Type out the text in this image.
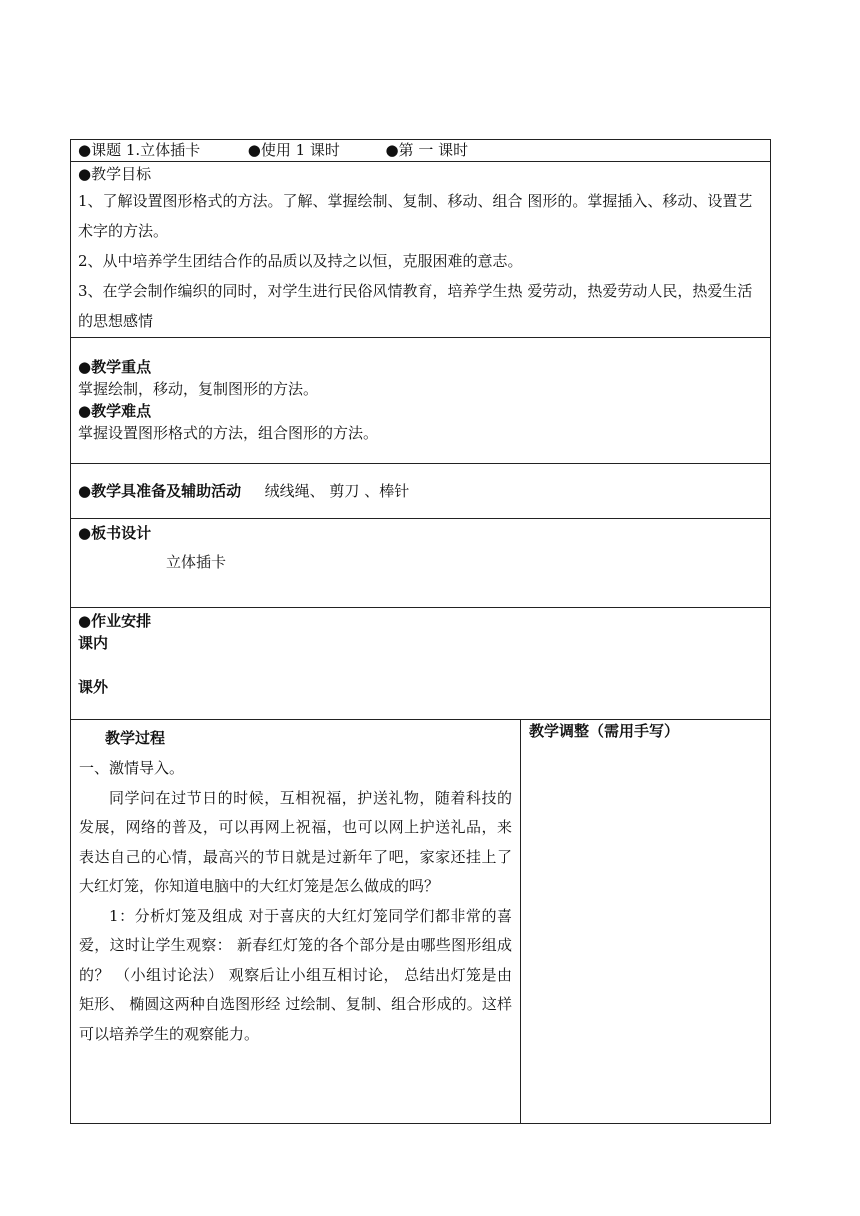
●课题 1.立体插卡	●使用 1 课时	●第 一 课时

●教学目标
1、了解设置图形格式的方法。了解、掌握绘制、复制、移动、组合 图形的。掌握插入、移动、设置艺术字的方法。
2、从中培养学生团结合作的品质以及持之以恒，克服困难的意志。
3、在学会制作编织的同时，对学生进行民俗风情教育，培养学生热 爱劳动，热爱劳动人民，热爱生活的思想感情

●教学重点
掌握绘制，移动，复制图形的方法。
●教学难点
掌握设置图形格式的方法，组合图形的方法。

●教学具准备及辅助活动 绒线绳、 剪刀 、棒针

●板书设计
立体插卡

●作业安排
课内
课外

教学过程
一、激情导入。
同学问在过节日的时候，互相祝福，护送礼物，随着科技的发展，网络的普及，可以再网上祝福，也可以网上护送礼品，来表达自己的心情，最高兴的节日就是过新年了吧，家家还挂上了大红灯笼，你知道电脑中的大红灯笼是怎么做成的吗？
1：分析灯笼及组成 对于喜庆的大红灯笼同学们都非常的喜爱，这时让学生观察： 新春红灯笼的各个部分是由哪些图形组成的？ （小组讨论法） 观察后让小组互相讨论， 总结出灯笼是由矩形、 椭圆这两种自选图形经 过绘制、复制、组合形成的。这样可以培养学生的观察能力。

教学调整（需用手写）
